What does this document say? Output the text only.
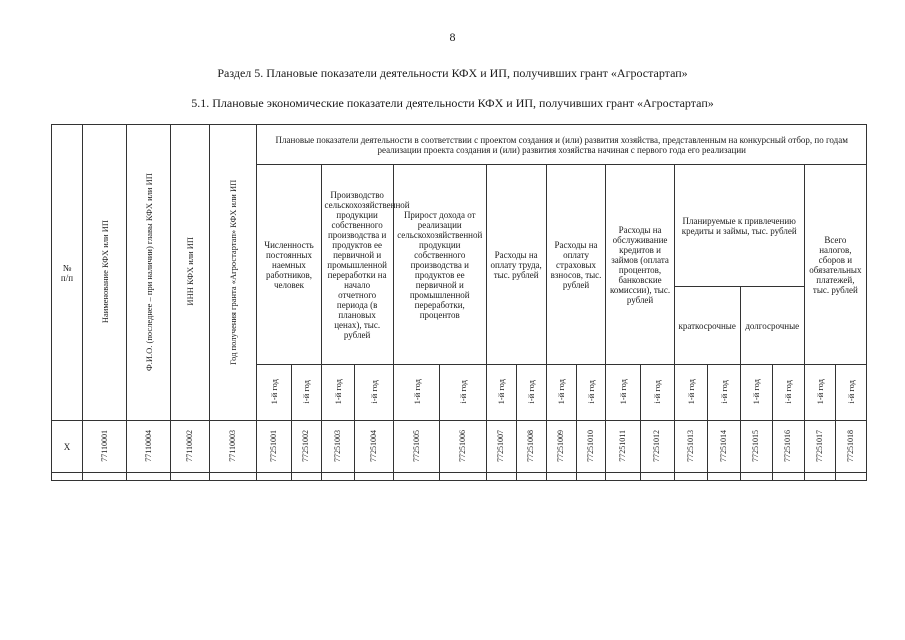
8
Раздел 5. Плановые показатели деятельности КФХ и ИП, получивших грант «Агростартап»
5.1. Плановые экономические показатели деятельности КФХ и ИП, получивших грант «Агростартап»
№
п/п	Наименование КФХ или ИП	Ф.И.О. (последнее – при наличии) главы КФХ или ИП	ИНН КФХ или ИП	Год получения гранта «Агростартап» КФХ или ИП	Плановые показатели деятельности в соответствии с проектом создания и (или) развития хозяйства, представленным на конкурсный отбор, по годам реализации проекта создания и (или) развития хозяйства начиная с первого года его реализации																	
					Численность постоянных наемных работников, человек		Производство сельскохозяйственной продукции собственного производства и продуктов ее первичной и промышленной переработки на начало отчетного периода (в плановых ценах), тыс. рублей		Прирост дохода от реализации сельскохозяйственной продукции собственного производства и продуктов ее первичной и промышленной переработки, процентов		Расходы на оплату труда, тыс. рублей		Расходы на оплату страховых взносов, тыс. рублей		Расходы на обслуживание кредитов и займов (оплата процентов, банковские комиссии), тыс. рублей		Планируемые к привлечению кредиты и займы, тыс. рублей				Всего налогов, сборов и обязательных платежей, тыс. рублей	
																	краткосрочные		долгосрочные			
					1-й год	i-й год	1-й год	i-й год	1-й год	i-й год	1-й год	i-й год	1-й год	i-й год	1-й год	i-й год	1-й год	i-й год	1-й год	i-й год	1-й год	i-й год
Х	77110001	77110004	77110002	77110003	77251001	77251002	77251003	77251004	77251005	77251006	77251007	77251008	77251009	77251010	77251011	77251012	77251013	77251014	77251015	77251016	77251017	77251018
